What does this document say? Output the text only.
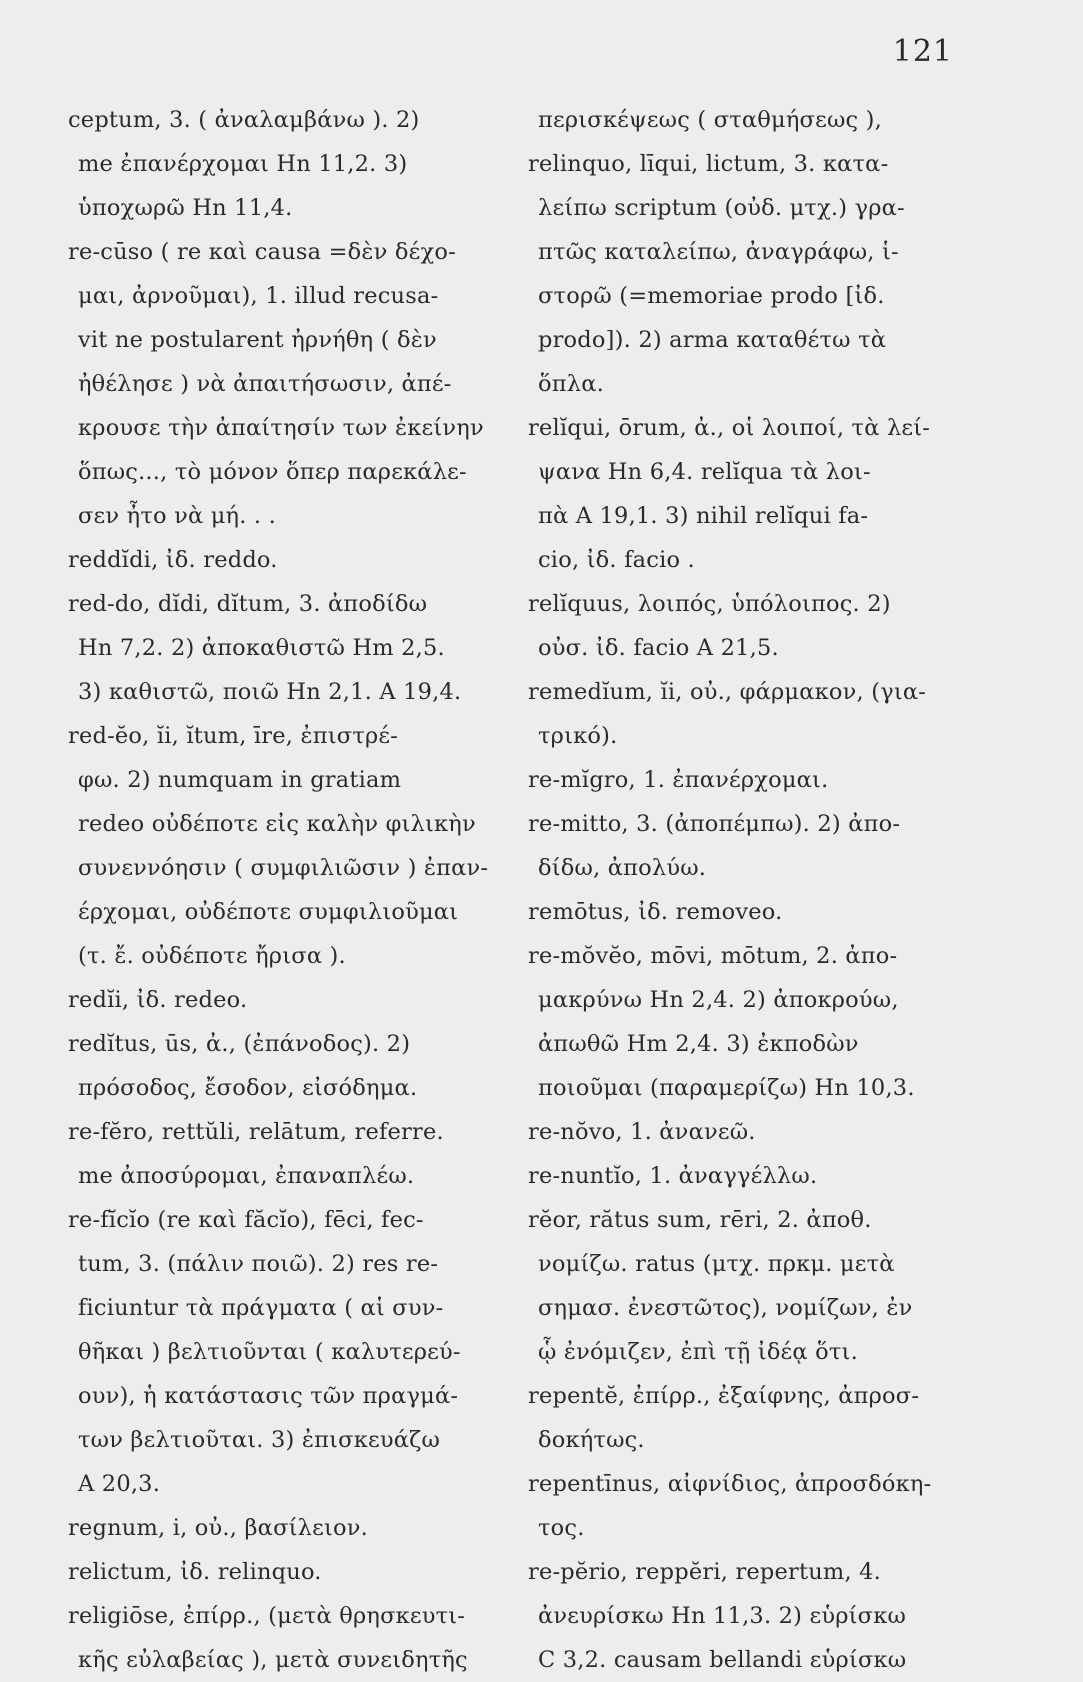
121
ceptum, 3. ( ἀναλαμβάνω ). 2)
me ἐπανέρχομαι Hn 11,2. 3)
ὑποχωρῶ Hn 11,4.
re-cūso ( re καὶ causa =δὲν δέχο-
μαι, ἀρνοῦμαι), 1. illud recusa-
vit ne postularent ἠρνήθη ( δὲν
ἠθέλησε ) νὰ ἀπαιτήσωσιν, ἀπέ-
κρουσε τὴν ἀπαίτησίν των ἐκείνην
ὅπως..., τὸ μόνον ὅπερ παρεκάλε-
σεν ἦτο νὰ μή. . .
reddĭdi, ἰδ. reddo.
red-do, dĭdi, dĭtum, 3. ἀποδίδω
Hn 7,2. 2) ἀποκαθιστῶ Hm 2,5.
3) καθιστῶ, ποιῶ Hn 2,1. A 19,4.
red-ĕo, ĭi, ĭtum, īre, ἐπιστρέ-
φω. 2) numquam in gratiam
redeo οὐδέποτε εἰς καλὴν φιλικὴν
συνεννόησιν ( συμφιλιῶσιν ) ἐπαν-
έρχομαι, οὐδέποτε συμφιλιοῦμαι
(τ. ἔ. οὐδέποτε ἤρισα ).
redĭi, ἰδ. redeo.
redĭtus, ūs, ἀ., (ἐπάνοδος). 2)
πρόσοδος, ἔσοδον, εἰσόδημα.
re-fĕro, rettŭli, relātum, referre.
me ἀποσύρομαι, ἐπαναπλέω.
re-fĭcĭo (re καὶ făcĭo), fēci, fec-
tum, 3. (πάλιν ποιῶ). 2) res re-
ficiuntur τὰ πράγματα ( αἱ συν-
θῆκαι ) βελτιοῦνται ( καλυτερεύ-
ουν), ἡ κατάστασις τῶν πραγμά-
των βελτιοῦται. 3) ἐπισκευάζω
A 20,3.
regnum, i, οὐ., βασίλειον.
relictum, ἰδ. relinquo.
religiōse, ἐπίρρ., (μετὰ θρησκευτι-
κῆς εὐλαβείας ), μετὰ συνειδητῆς
περισκέψεως ( σταθμήσεως ),
relinquo, līqui, lictum, 3. κατα-
λείπω scriptum (οὐδ. μτχ.) γρα-
πτῶς καταλείπω, ἀναγράφω, ἱ-
στορῶ (=memoriae prodo [ἰδ.
prodo]). 2) arma καταθέτω τὰ
ὅπλα.
relĭqui, ōrum, ἀ., οἱ λοιποί, τὰ λεί-
ψανα Hn 6,4. relĭqua τὰ λοι-
πὰ A 19,1. 3) nihil relĭqui fa-
cio, ἰδ. facio .
relĭquus, λοιπός, ὑπόλοιπος. 2)
οὐσ. ἰδ. facio A 21,5.
remedĭum, ĭi, οὐ., φάρμακον, (για-
τρικό).
re-mĭgro, 1. ἐπανέρχομαι.
re-mitto, 3. (ἀποπέμπω). 2) ἀπο-
δίδω, ἀπολύω.
remōtus, ἰδ. removeo.
re-mŏvĕo, mōvi, mōtum, 2. ἀπο-
μακρύνω Hn 2,4. 2) ἀποκρούω,
ἀπωθῶ Hm 2,4. 3) ἐκποδὼν
ποιοῦμαι (παραμερίζω) Hn 10,3.
re-nŏvo, 1. ἀνανεῶ.
re-nuntĭo, 1. ἀναγγέλλω.
rĕor, rătus sum, rēri, 2. ἀποθ.
νομίζω. ratus (μτχ. πρκμ. μετὰ
σημασ. ἐνεστῶτος), νομίζων, ἐν
ᾧ ἐνόμιζεν, ἐπὶ τῇ ἰδέᾳ ὅτι.
repentĕ, ἐπίρρ., ἐξαίφνης, ἀπροσ-
δοκήτως.
repentīnus, αἰφνίδιος, ἀπροσδόκη-
τος.
re-pĕrio, reppĕri, repertum, 4.
ἀνευρίσκω Hn 11,3. 2) εὑρίσκω
C 3,2. causam bellandi εὑρίσκω
